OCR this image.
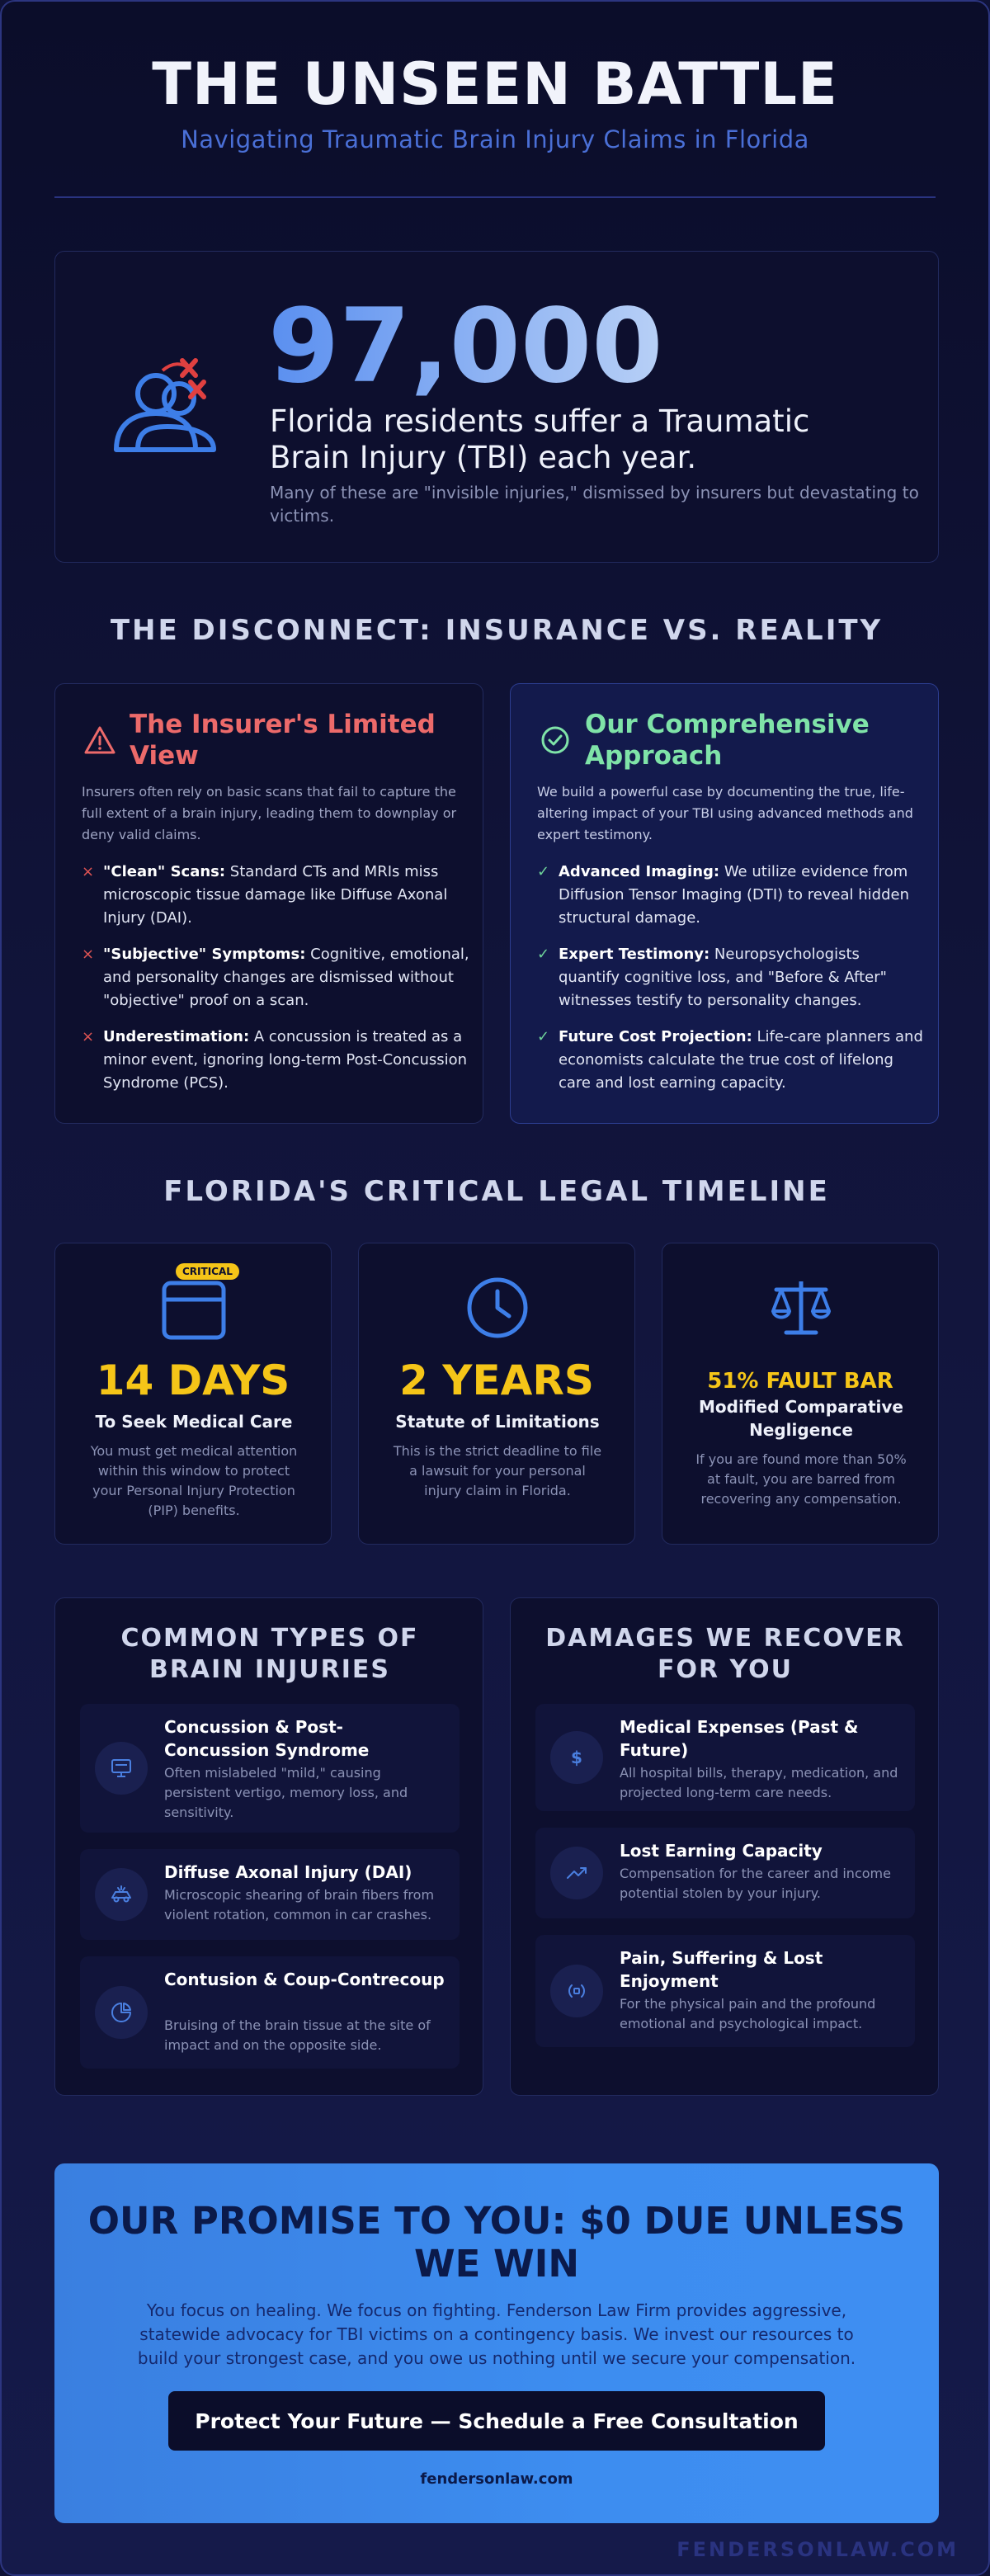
THE UNSEEN BATTLE
Navigating Traumatic Brain Injury Claims in Florida
97,000
Florida residents suffer a Traumatic Brain Injury (TBI) each year.
Many of these are "invisible injuries," dismissed by insurers but devastating to victims.
THE DISCONNECT: INSURANCE VS. REALITY
The Insurer's Limited View
Insurers often rely on basic scans that fail to capture the full extent of a brain injury, leading them to downplay or deny valid claims.
× "Clean" Scans: Standard CTs and MRIs miss microscopic tissue damage like Diffuse Axonal Injury (DAI).
× "Subjective" Symptoms: Cognitive, emotional, and personality changes are dismissed without "objective" proof on a scan.
× Underestimation: A concussion is treated as a minor event, ignoring long-term Post-Concussion Syndrome (PCS).
Our Comprehensive Approach
We build a powerful case by documenting the true, life-altering impact of your TBI using advanced methods and expert testimony.
✓ Advanced Imaging: We utilize evidence from Diffusion Tensor Imaging (DTI) to reveal hidden structural damage.
✓ Expert Testimony: Neuropsychologists quantify cognitive loss, and "Before & After" witnesses testify to personality changes.
✓ Future Cost Projection: Life-care planners and economists calculate the true cost of lifelong care and lost earning capacity.
FLORIDA'S CRITICAL LEGAL TIMELINE
CRITICAL
14 DAYS
To Seek Medical Care
You must get medical attention within this window to protect your Personal Injury Protection (PIP) benefits.
2 YEARS
Statute of Limitations
This is the strict deadline to file a lawsuit for your personal injury claim in Florida.
51% FAULT BAR
Modified Comparative Negligence
If you are found more than 50% at fault, you are barred from recovering any compensation.
COMMON TYPES OF BRAIN INJURIES
Concussion & Post-Concussion Syndrome
Often mislabeled "mild," causing persistent vertigo, memory loss, and sensitivity.
Diffuse Axonal Injury (DAI)
Microscopic shearing of brain fibers from violent rotation, common in car crashes.
Contusion & Coup-Contrecoup
Bruising of the brain tissue at the site of impact and on the opposite side.
DAMAGES WE RECOVER FOR YOU
$
Medical Expenses (Past & Future)
All hospital bills, therapy, medication, and projected long-term care needs.
Lost Earning Capacity
Compensation for the career and income potential stolen by your injury.
Pain, Suffering & Lost Enjoyment
For the physical pain and the profound emotional and psychological impact.
OUR PROMISE TO YOU: $0 DUE UNLESS WE WIN
You focus on healing. We focus on fighting. Fenderson Law Firm provides aggressive, statewide advocacy for TBI victims on a contingency basis. We invest our resources to build your strongest case, and you owe us nothing until we secure your compensation.
Protect Your Future — Schedule a Free Consultation
fendersonlaw.com
FENDERSONLAW.COM
